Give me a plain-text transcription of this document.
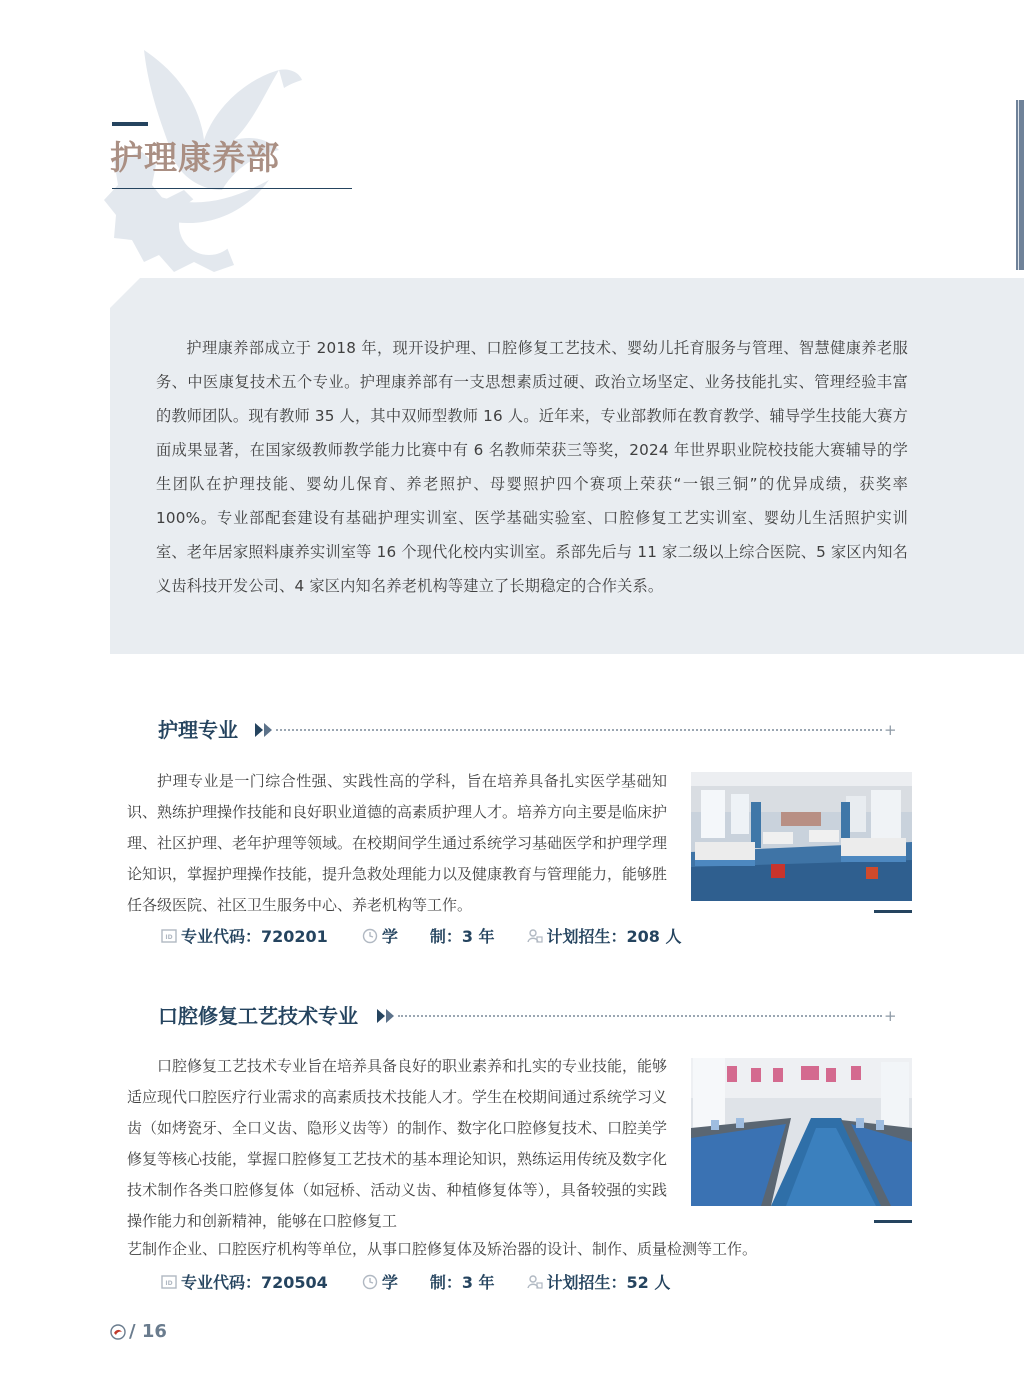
护理康养部
护理康养部成立于 2018 年，现开设护理、口腔修复工艺技术、婴幼儿托育服务与管理、智慧健康养老服务、中医康复技术五个专业。护理康养部有一支思想素质过硬、政治立场坚定、业务技能扎实、管理经验丰富的教师团队。现有教师 35 人，其中双师型教师 16 人。近年来，专业部教师在教育教学、辅导学生技能大赛方面成果显著，在国家级教师教学能力比赛中有 6 名教师荣获三等奖，2024 年世界职业院校技能大赛辅导的学生团队在护理技能、婴幼儿保育、养老照护、母婴照护四个赛项上荣获“一银三铜”的优异成绩，获奖率 100%。专业部配套建设有基础护理实训室、医学基础实验室、口腔修复工艺实训室、婴幼儿生活照护实训室、老年居家照料康养实训室等 16 个现代化校内实训室。系部先后与 11 家二级以上综合医院、5 家区内知名义齿科技开发公司、4 家区内知名养老机构等建立了长期稳定的合作关系。
护理专业	+
护理专业是一门综合性强、实践性高的学科，旨在培养具备扎实医学基础知识、熟练护理操作技能和良好职业道德的高素质护理人才。培养方向主要是临床护理、社区护理、老年护理等领域。在校期间学生通过系统学习基础医学和护理学理论知识，掌握护理操作技能，提升急救处理能力以及健康教育与管理能力，能够胜任各级医院、社区卫生服务中心、养老机构等工作。
ID 专业代码：720201	学　　制：3 年	计划招生：208 人
口腔修复工艺技术专业	+
口腔修复工艺技术专业旨在培养具备良好的职业素养和扎实的专业技能，能够适应现代口腔医疗行业需求的高素质技术技能人才。学生在校期间通过系统学习义齿（如烤瓷牙、全口义齿、隐形义齿等）的制作、数字化口腔修复技术、口腔美学修复等核心技能，掌握口腔修复工艺技术的基本理论知识，熟练运用传统及数字化技术制作各类口腔修复体（如冠桥、活动义齿、种植修复体等），具备较强的实践操作能力和创新精神，能够在口腔修复工
艺制作企业、口腔医疗机构等单位，从事口腔修复体及矫治器的设计、制作、质量检测等工作。
ID 专业代码：720504	学　　制：3 年	计划招生：52 人
/ 16
